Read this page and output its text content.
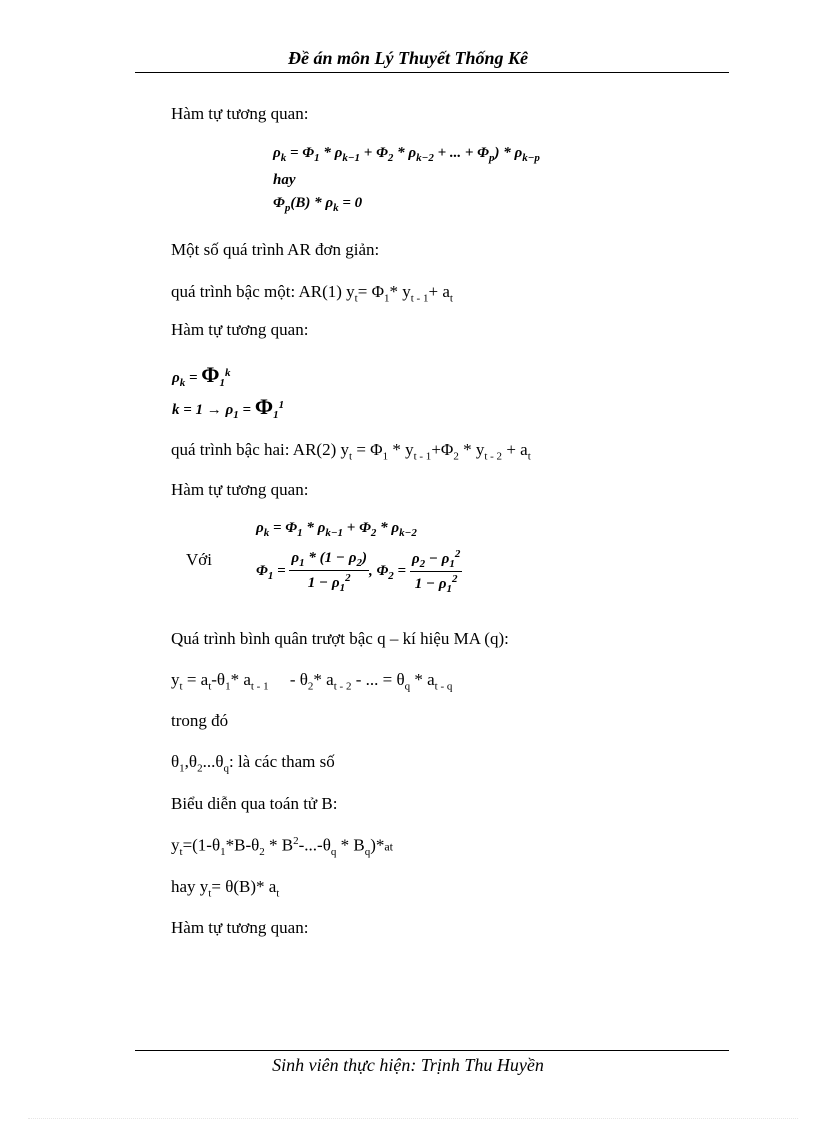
Đề án môn Lý Thuyết Thống Kê
Hàm tự tương quan:
$\rho_k = \Phi_1 * \rho_{k-1} + \Phi_2 * \rho_{k-2}$ + ... + $\Phi_p) * \rho_{k-p}$
hay
$\Phi_p(B) * \rho_k = 0$
Một số quá trình AR đơn giản:
quá trình bậc một: AR(1) $y_t= \Phi_1*$ $y_{t - 1}+ a_t$
Hàm tự tương quan:
$\rho_k = \Phi_1^k$
$k = 1 \to \rho_1 = \Phi_1^1$
quá trình bậc hai: AR(2) $y_t = \Phi_1 * y_{t - 1}+\Phi_2 * y_{t - 2} + a_t$
Hàm tự tương quan:
$\rho_k = \Phi_1 * \rho_{k-1} + \Phi_2 * \rho_{k-2}$
Với
$\Phi_1 = \frac{\rho_1 * (1 - \rho_2)}{1 - \rho_1^2}$ , $\Phi_2 = \frac{\rho_2 - \rho_1^2}{1 - \rho_1^2}$
Quá trình bình quân trượt bậc q – kí hiệu MA (q):
$y_t = a_t-\theta_1*$ $a_{t - 1}$     - $\theta_2*$ $a_{t - 2}$ - ... = $\theta_q * a_{t - q}$
trong đó
$\theta_1,\theta_2...\theta_q$: là các tham số
Biểu diễn qua toán tử B:
$y_t=(1-\theta_1*B-\theta_2 * B^2-...-\theta_q * B_q)*at$
hay $y_t= \theta(B)*$ $a_t$
Hàm tự tương quan:
Sinh viên thực hiện: Trịnh Thu Huyền
